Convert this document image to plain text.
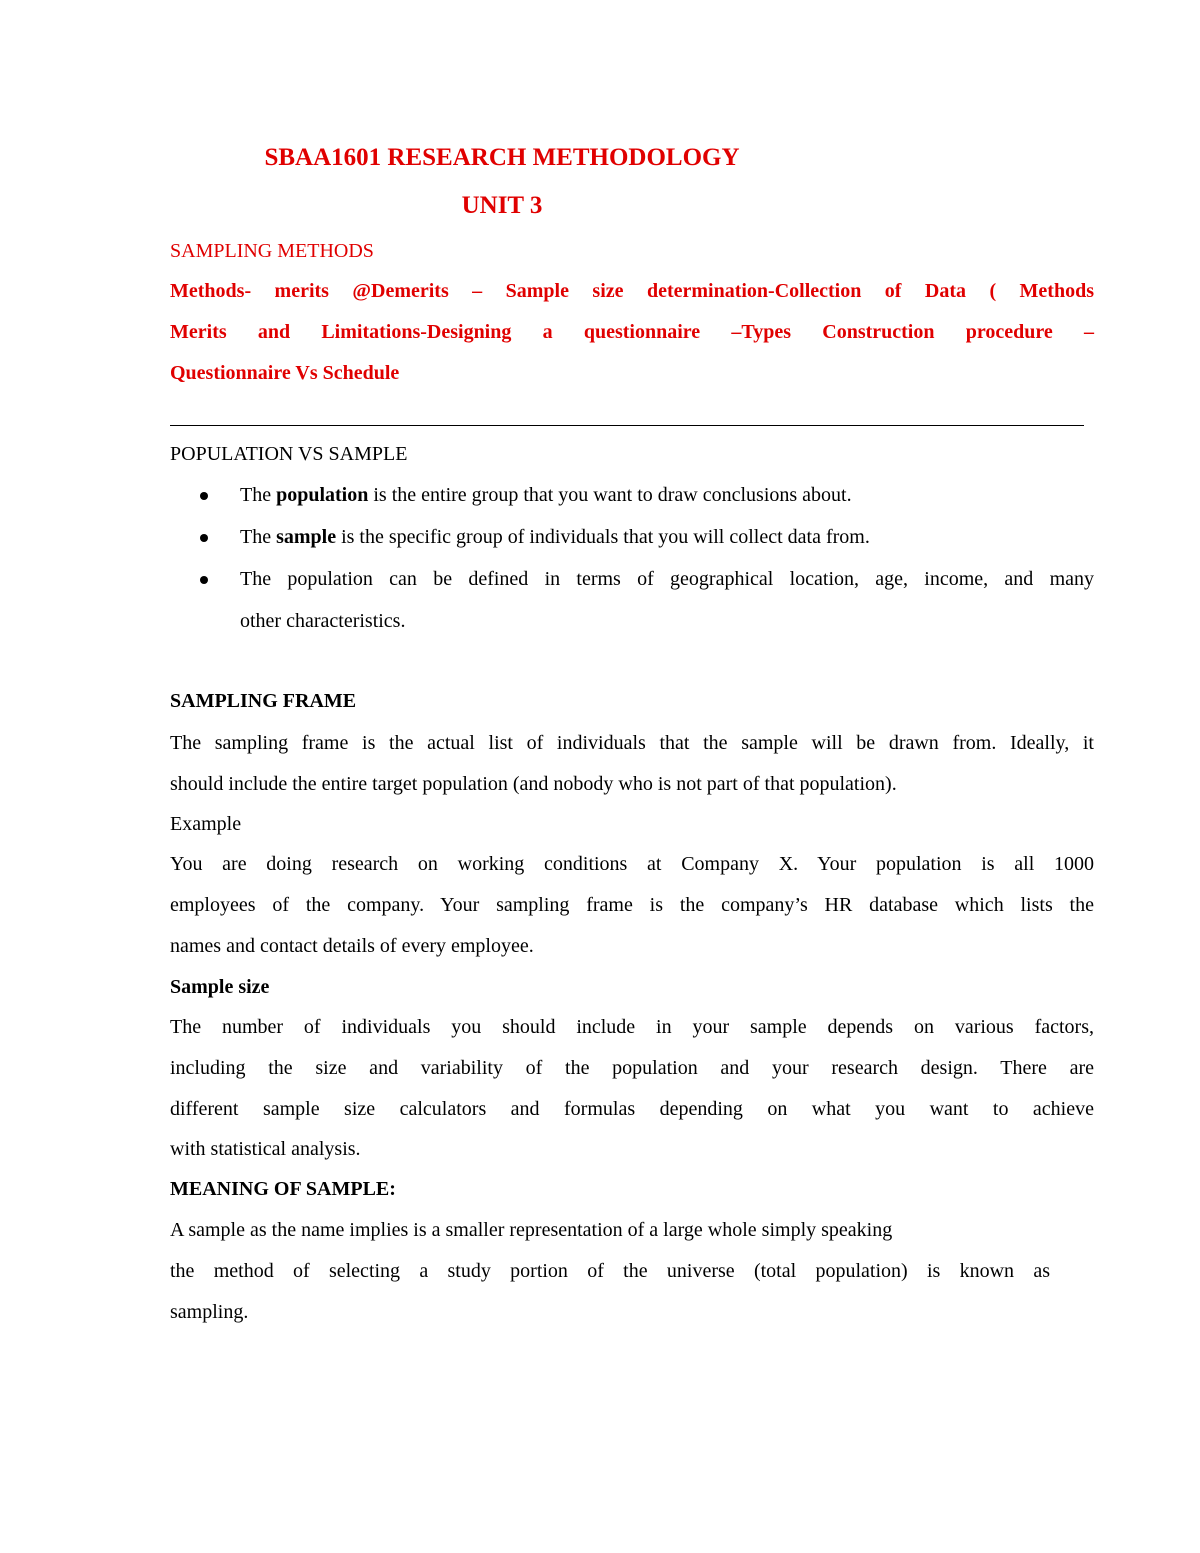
SBAA1601 RESEARCH METHODOLOGY
UNIT 3
SAMPLING METHODS
Methods- merits @Demerits – Sample size determination-Collection of Data ( Methods
Merits and Limitations-Designing a questionnaire –Types Construction procedure –
Questionnaire Vs Schedule
POPULATION VS SAMPLE
The population is the entire group that you want to draw conclusions about.
The sample is the specific group of individuals that you will collect data from.
The population can be defined in terms of geographical location, age, income, and many
other characteristics.
SAMPLING FRAME
The sampling frame is the actual list of individuals that the sample will be drawn from. Ideally, it
should include the entire target population (and nobody who is not part of that population).
Example
You are doing research on working conditions at Company X. Your population is all 1000
employees of the company. Your sampling frame is the company’s HR database which lists the
names and contact details of every employee.
Sample size
The number of individuals you should include in your sample depends on various factors,
including the size and variability of the population and your research design. There are
different sample size calculators and formulas depending on what you want to achieve
with statistical analysis.
MEANING OF SAMPLE:
A sample as the name implies is a smaller representation of a large whole simply speaking
the method of selecting a study portion of the universe (total population) is known as
sampling.
